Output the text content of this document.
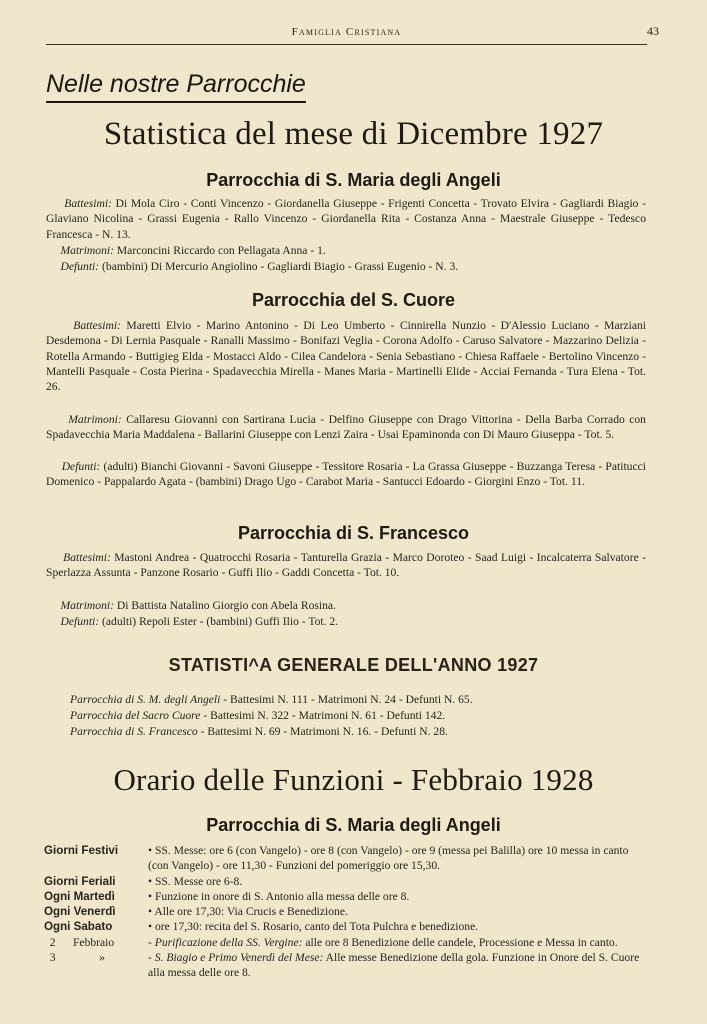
Famiglia Cristiana	43
Nelle nostre Parrocchie
Statistica del mese di Dicembre 1927
Parrocchia di S. Maria degli Angeli
Battesimi: Di Mola Ciro - Conti Vincenzo - Giordanella Giuseppe - Frigenti Concetta - Trovato Elvira - Gagliardi Biagio - Glaviano Nicolina - Grassi Eugenia - Rallo Vincenzo - Giordanella Rita - Costanza Anna - Maestrale Giuseppe - Tedesco Francesca - N. 13.
Matrimoni: Marconcini Riccardo con Pellagata Anna - 1.
Defunti: (bambini) Di Mercurio Angiolino - Gagliardi Biagio - Grassi Eugenio - N. 3.
Parrocchia del S. Cuore
Battesimi: Maretti Elvio - Marino Antonino - Di Leo Umberto - Cinnirella Nunzio - D'Alessio Luciano - Marziani Desdemona - Di Lernia Pasquale - Ranalli Massimo - Bonifazi Veglia - Corona Adolfo - Caruso Salvatore - Mazzarino Delizia - Rotella Armando - Buttigieg Elda - Mostacci Aldo - Cilea Candelora - Senia Sebastiano - Chiesa Raffaele - Bertolino Vincenzo - Mantelli Pasquale - Costa Pierina - Spadavecchia Mirella - Manes Maria - Martinelli Elide - Acciai Fernanda - Tura Elena - Tot. 26.
Matrimoni: Callaresu Giovanni con Sartirana Lucia - Delfino Giuseppe con Drago Vittorina - Della Barba Corrado con Spadavecchia Maria Maddalena - Ballarini Giuseppe con Lenzi Zaira - Usai Epaminonda con Di Mauro Giuseppa - Tot. 5.
Defunti: (adulti) Bianchi Giovanni - Savoni Giuseppe - Tessitore Rosaria - La Grassa Giuseppe - Buzzanga Teresa - Patitucci Domenico - Pappalardo Agata - (bambini) Drago Ugo - Carabot Maria - Santucci Edoardo - Giorgini Enzo - Tot. 11.
Parrocchia di S. Francesco
Battesimi: Mastoni Andrea - Quatrocchi Rosaria - Tanturella Grazia - Marco Doroteo - Saad Luigi - Incalcaterra Salvatore - Sperlazza Assunta - Panzone Rosario - Guffi Ilio - Gaddi Concetta - Tot. 10.
Matrimoni: Di Battista Natalino Giorgio con Abela Rosina.
Defunti: (adulti) Repoli Ester - (bambini) Guffi Ilio - Tot. 2.
STATISTI^A GENERALE DELL'ANNO 1927
Parrocchia di S. M. degli Angeli - Battesimi N. 111 - Matrimoni N. 24 - Defunti N. 65.
Parrocchia del Sacro Cuore - Battesimi N. 322 - Matrimoni N. 61 - Defunti 142.
Parrocchia di S. Francesco - Battesimi N. 69 - Matrimoni N. 16. - Defunti N. 28.
Orario delle Funzioni - Febbraio 1928
Parrocchia di S. Maria degli Angeli
Giorni Festivi	• SS. Messe: ore 6 (con Vangelo) - ore 8 (con Vangelo) - ore 9 (messa pei Balilla) ore 10 messa in canto (con Vangelo) - ore 11,30 - Funzioni del pomeriggio ore 15,30.
Giorni Feriali	• SS. Messe ore 6-8.
Ogni Martedì	• Funzione in onore di S. Antonio alla messa delle ore 8.
Ogni Venerdì	• Alle ore 17,30: Via Crucis e Benedizione.
Ogni Sabato	• ore 17,30: recita del S. Rosario, canto del Tota Pulchra e benedizione.
2 Febbraio	- Purificazione della SS. Vergine: alle ore 8 Benedizione delle candele, Processione e Messa in canto.
3	»	- S. Biagio e Primo Venerdì del Mese: Alle messe Benedizione della gola. Funzione in Onore del S. Cuore alla messa delle ore 8.
